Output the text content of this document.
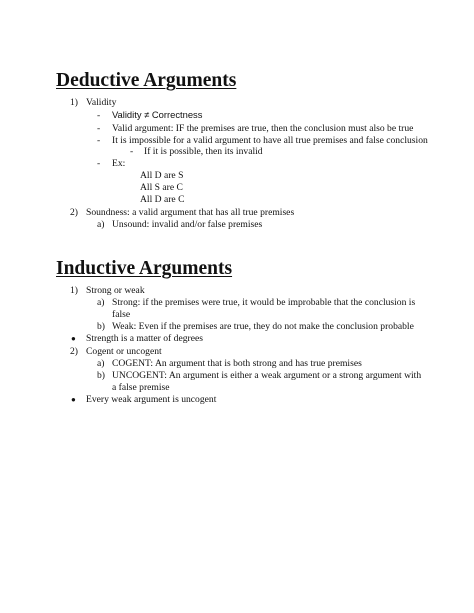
Deductive Arguments
1) Validity
- Validity ≠ Correctness
- Valid argument: IF the premises are true, then the conclusion must also be true
- It is impossible for a valid argument to have all true premises and false conclusion
- If it is possible, then its invalid
- Ex:
All D are S
All S are C
All D are C
2) Soundness: a valid argument that has all true premises
a) Unsound: invalid and/or false premises
Inductive Arguments
1) Strong or weak
a) Strong: if the premises were true, it would be improbable that the conclusion is
false
b) Weak: Even if the premises are true, they do not make the conclusion probable
● Strength is a matter of degrees
2) Cogent or uncogent
a) COGENT: An argument that is both strong and has true premises
b) UNCOGENT: An argument is either a weak argument or a strong argument with
a false premise
● Every weak argument is uncogent
